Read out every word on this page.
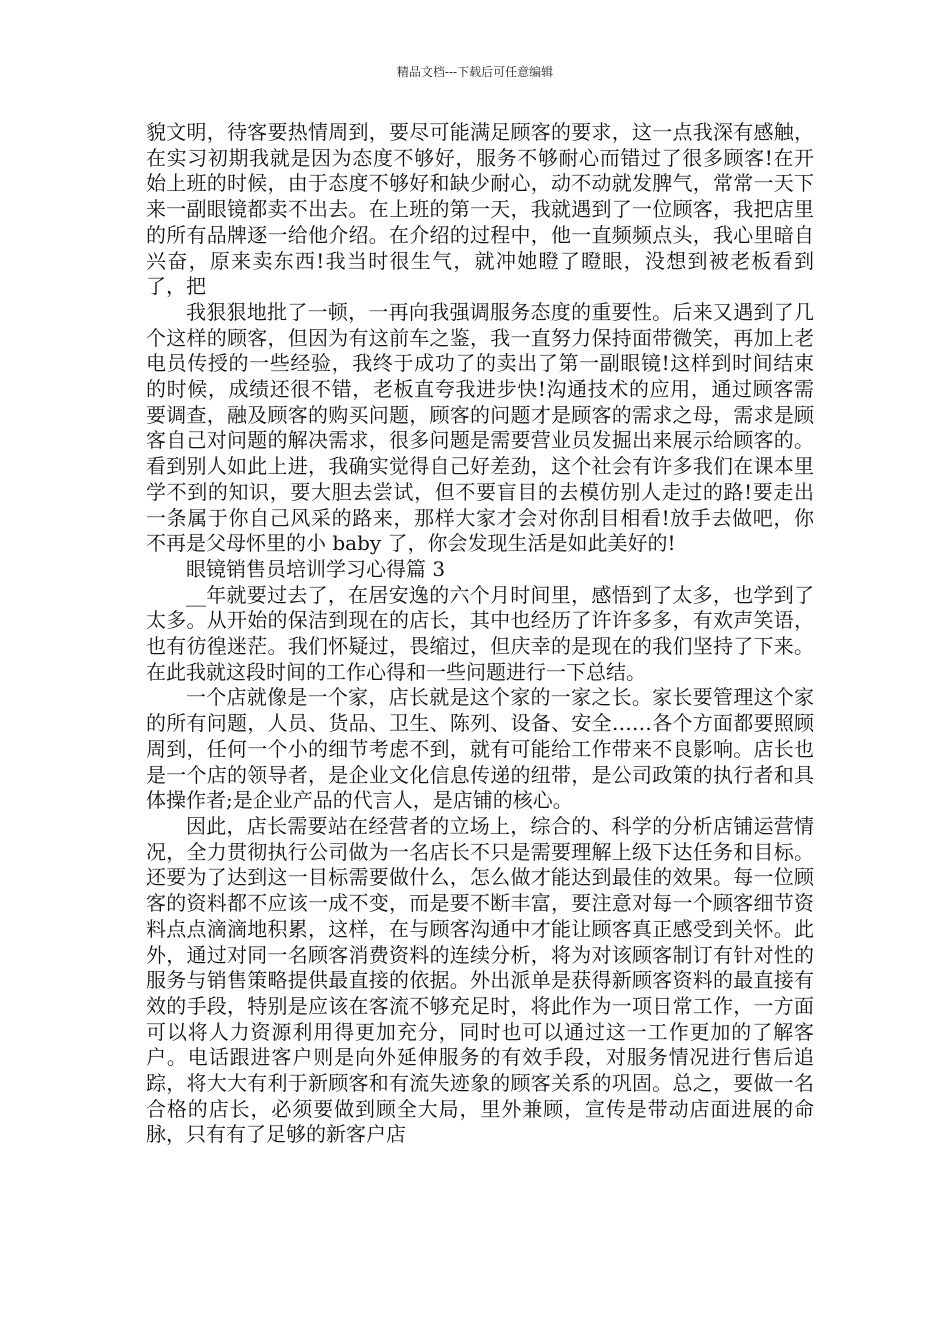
精品文档---下载后可任意编辑

貌文明，待客要热情周到，要尽可能满足顾客的要求，这一点我深有感触，在实习初期我就是因为态度不够好，服务不够耐心而错过了很多顾客!在开始上班的时候，由于态度不够好和缺少耐心，动不动就发脾气，常常一天下来一副眼镜都卖不出去。在上班的第一天，我就遇到了一位顾客，我把店里的所有品牌逐一给他介绍。在介绍的过程中，他一直频频点头，我心里暗自兴奋，原来卖东西!我当时很生气，就冲她瞪了瞪眼，没想到被老板看到了，把

我狠狠地批了一顿，一再向我强调服务态度的重要性。后来又遇到了几个这样的顾客，但因为有这前车之鉴，我一直努力保持面带微笑，再加上老电员传授的一些经验，我终于成功了的卖出了第一副眼镜!这样到时间结束的时候，成绩还很不错，老板直夸我进步快!沟通技术的应用，通过顾客需要调查，融及顾客的购买问题，顾客的问题才是顾客的需求之母，需求是顾客自己对问题的解决需求，很多问题是需要营业员发掘出来展示给顾客的。看到别人如此上进，我确实觉得自己好差劲，这个社会有许多我们在课本里学不到的知识，要大胆去尝试，但不要盲目的去模仿别人走过的路!要走出一条属于你自己风采的路来，那样大家才会对你刮目相看!放手去做吧，你不再是父母怀里的小 baby 了，你会发现生活是如此美好的!

眼镜销售员培训学习心得篇 3

__年就要过去了，在居安逸的六个月时间里，感悟到了太多，也学到了太多。从开始的保洁到现在的店长，其中也经历了许许多多，有欢声笑语，也有彷徨迷茫。我们怀疑过，畏缩过，但庆幸的是现在的我们坚持了下来。在此我就这段时间的工作心得和一些问题进行一下总结。

一个店就像是一个家，店长就是这个家的一家之长。家长要管理这个家的所有问题，人员、货品、卫生、陈列、设备、安全……各个方面都要照顾周到，任何一个小的细节考虑不到，就有可能给工作带来不良影响。店长也是一个店的领导者，是企业文化信息传递的纽带，是公司政策的执行者和具体操作者;是企业产品的代言人，是店铺的核心。

因此，店长需要站在经营者的立场上，综合的、科学的分析店铺运营情况，全力贯彻执行公司做为一名店长不只是需要理解上级下达任务和目标。还要为了达到这一目标需要做什么，怎么做才能达到最佳的效果。每一位顾客的资料都不应该一成不变，而是要不断丰富，要注意对每一个顾客细节资料点点滴滴地积累，这样，在与顾客沟通中才能让顾客真正感受到关怀。此外，通过对同一名顾客消费资料的连续分析，将为对该顾客制订有针对性的服务与销售策略提供最直接的依据。外出派单是获得新顾客资料的最直接有效的手段，特别是应该在客流不够充足时，将此作为一项日常工作，一方面可以将人力资源利用得更加充分，同时也可以通过这一工作更加的了解客户。电话跟进客户则是向外延伸服务的有效手段，对服务情况进行售后追踪，将大大有利于新顾客和有流失迹象的顾客关系的巩固。总之，要做一名合格的店长，必须要做到顾全大局，里外兼顾，宣传是带动店面进展的命脉，只有有了足够的新客户店
